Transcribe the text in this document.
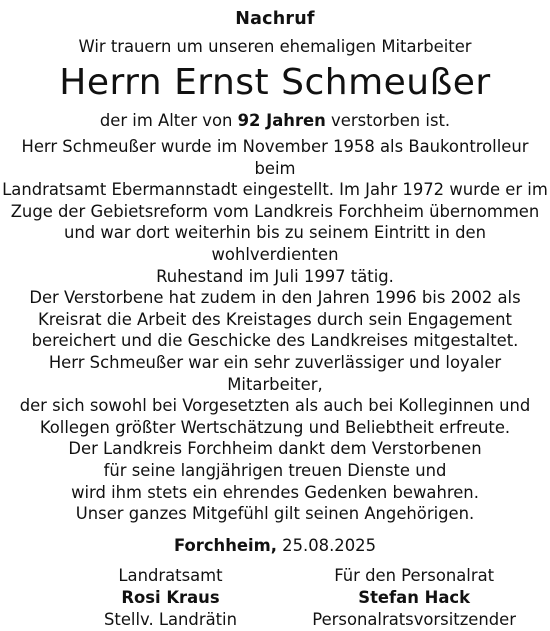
Nachruf
Wir trauern um unseren ehemaligen Mitarbeiter
Herrn Ernst Schmeußer
der im Alter von 92 Jahren verstorben ist.
Herr Schmeußer wurde im November 1958 als Baukontrolleur beim
Landratsamt Ebermannstadt eingestellt. Im Jahr 1972 wurde er im
Zuge der Gebietsreform vom Landkreis Forchheim übernommen
und war dort weiterhin bis zu seinem Eintritt in den wohlverdienten
Ruhestand im Juli 1997 tätig.
Der Verstorbene hat zudem in den Jahren 1996 bis 2002 als
Kreisrat die Arbeit des Kreistages durch sein Engagement
bereichert und die Geschicke des Landkreises mitgestaltet.
Herr Schmeußer war ein sehr zuverlässiger und loyaler Mitarbeiter,
der sich sowohl bei Vorgesetzten als auch bei Kolleginnen und
Kollegen größter Wertschätzung und Beliebtheit erfreute.
Der Landkreis Forchheim dankt dem Verstorbenen
für seine langjährigen treuen Dienste und
wird ihm stets ein ehrendes Gedenken bewahren.
Unser ganzes Mitgefühl gilt seinen Angehörigen.
Forchheim, 25.08.2025
Landratsamt
Rosi Kraus
Stellv. Landrätin
Für den Personalrat
Stefan Hack
Personalratsvorsitzender
